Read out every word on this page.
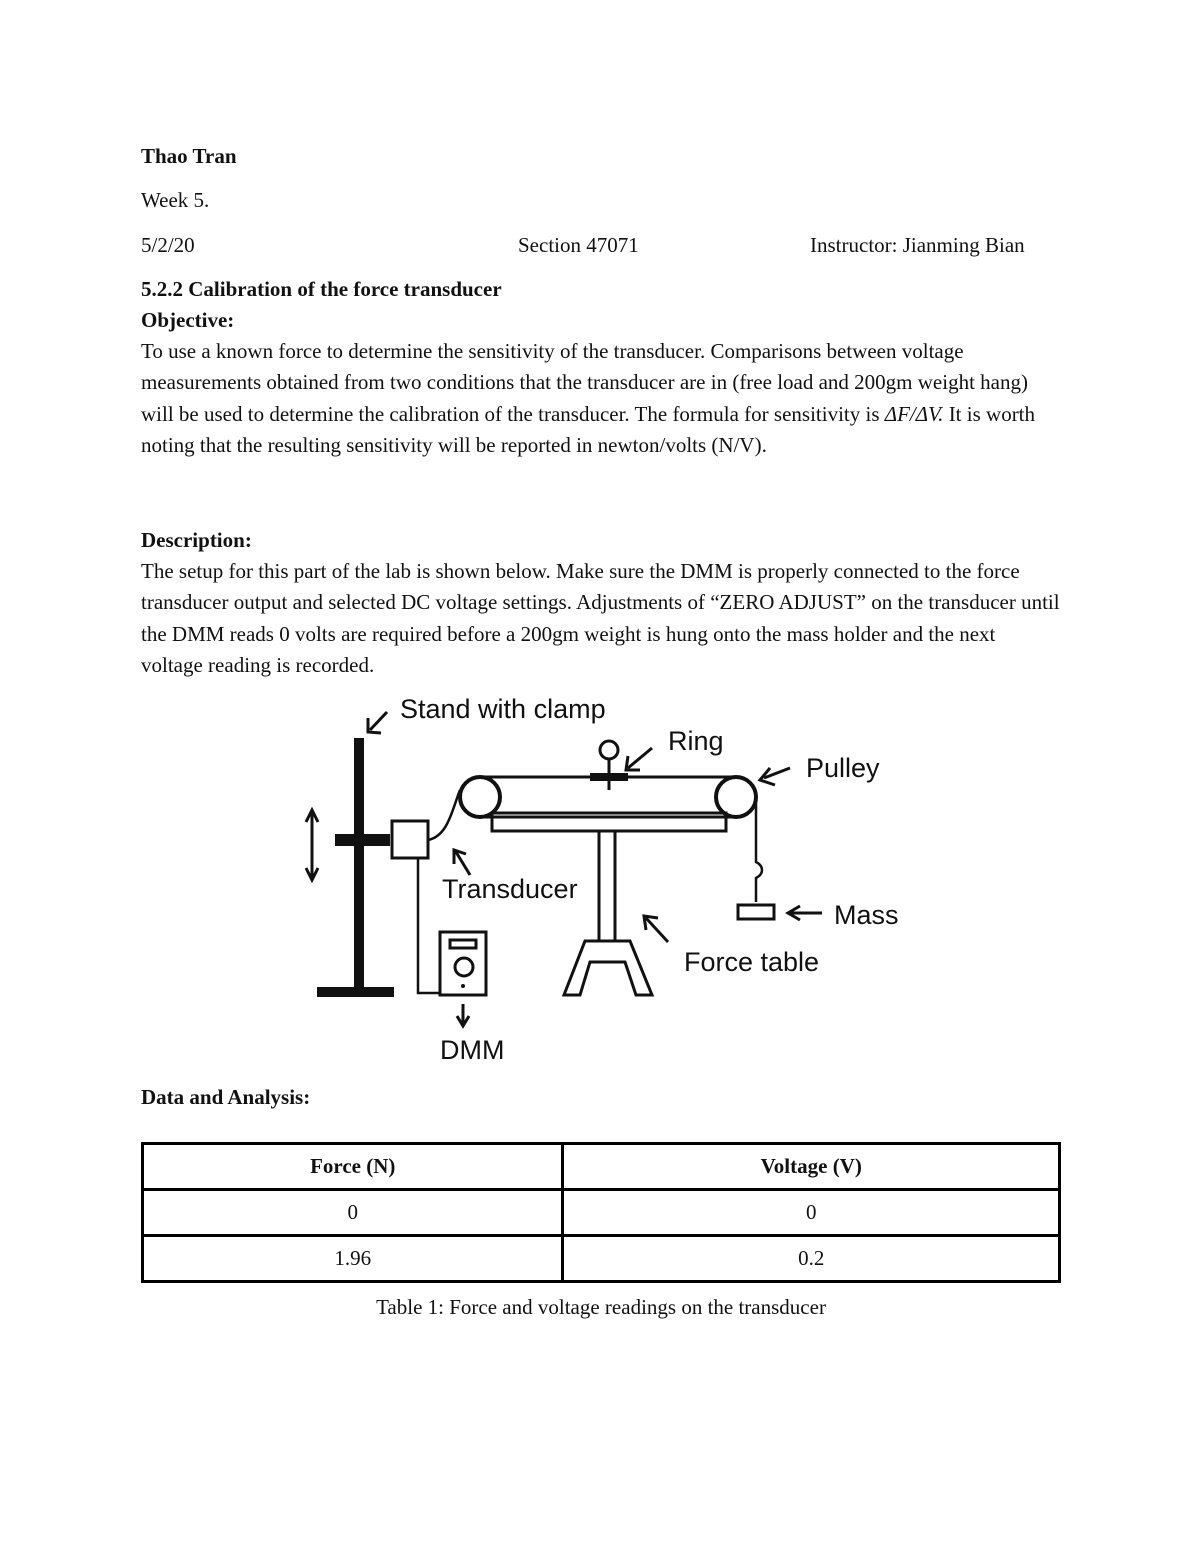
Thao Tran
Week 5.
5/2/20	Section 47071	Instructor: Jianming Bian
5.2.2 Calibration of the force transducer
Objective:
To use a known force to determine the sensitivity of the transducer. Comparisons between voltage measurements obtained from two conditions that the transducer are in (free load and 200gm weight hang) will be used to determine the calibration of the transducer. The formula for sensitivity is ΔF/ΔV. It is worth noting that the resulting sensitivity will be reported in newton/volts (N/V).
Description:
The setup for this part of the lab is shown below. Make sure the DMM is properly connected to the force transducer output and selected DC voltage settings. Adjustments of “ZERO ADJUST” on the transducer until the DMM reads 0 volts are required before a 200gm weight is hung onto the mass holder and the next voltage reading is recorded.
Stand with clamp
Ring
Pulley
Transducer
Mass
Force table
DMM
Data and Analysis:
Force (N)	Voltage (V)
0	0
1.96	0.2
Table 1: Force and voltage readings on the transducer
